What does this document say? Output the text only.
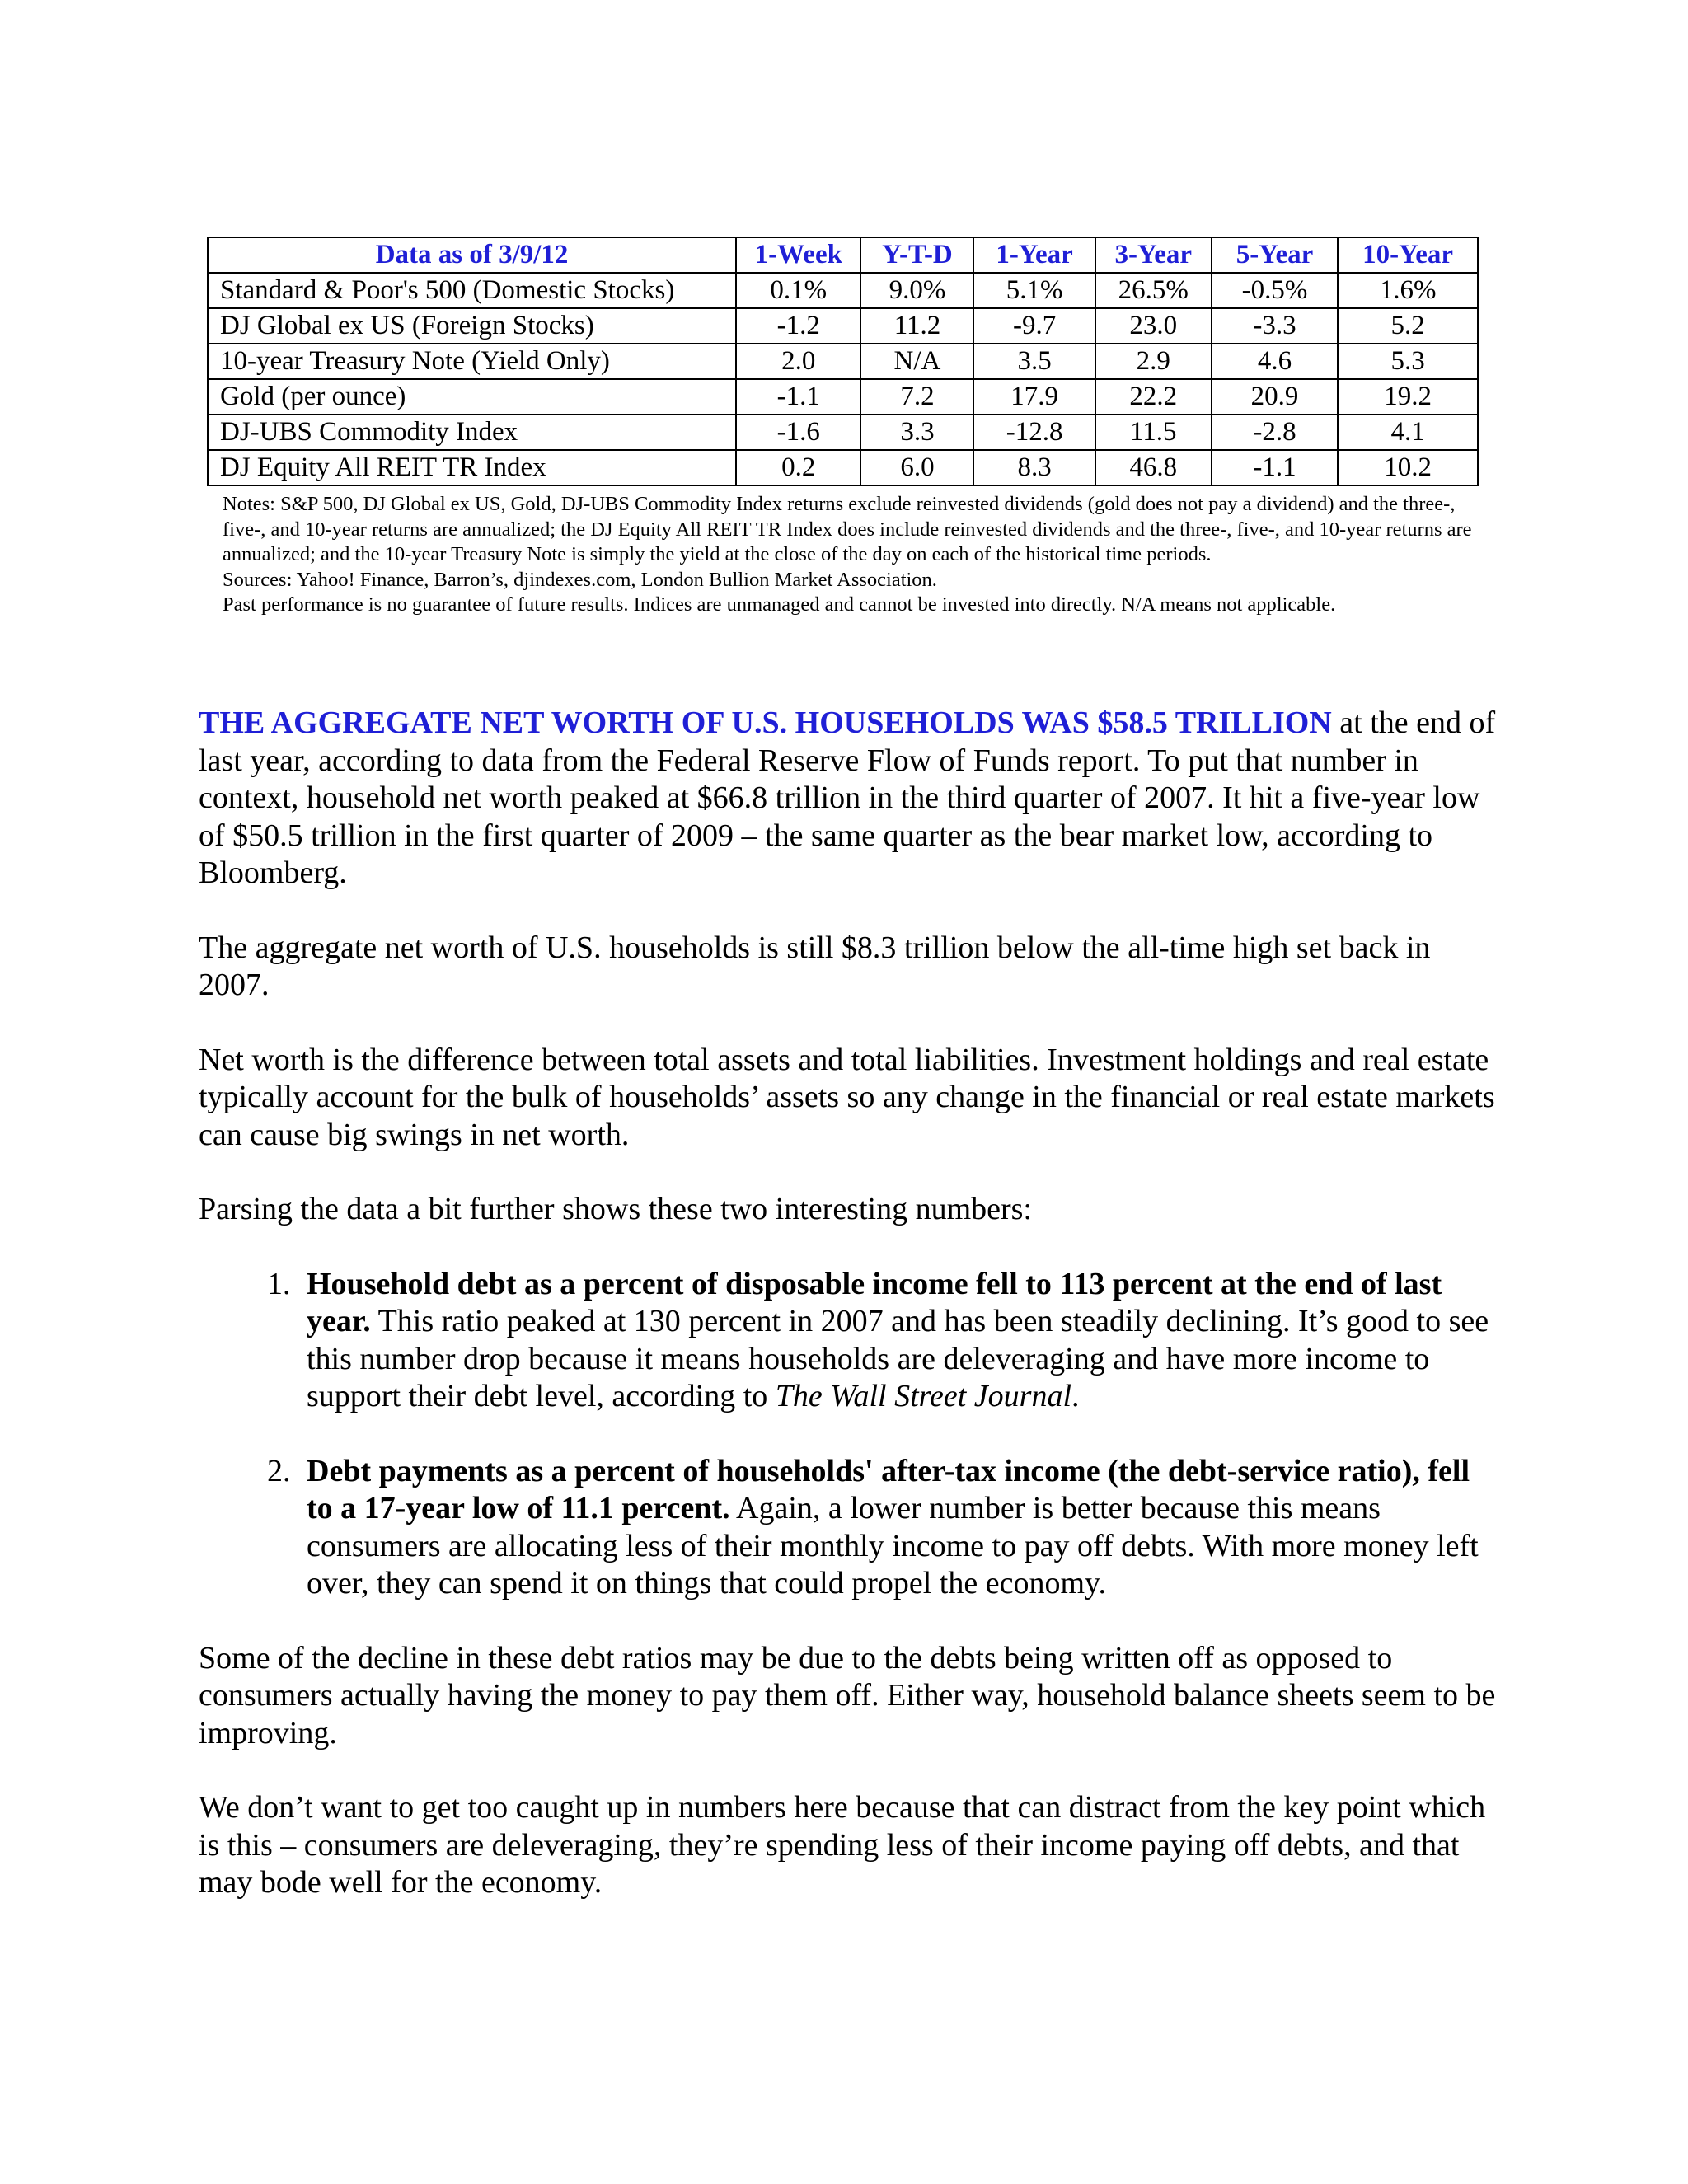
Data as of 3/9/12	1-Week	Y-T-D	1-Year	3-Year	5-Year	10-Year
Standard & Poor's 500 (Domestic Stocks)	0.1%	9.0%	5.1%	26.5%	-0.5%	1.6%
DJ Global ex US (Foreign Stocks)	-1.2	11.2	-9.7	23.0	-3.3	5.2
10-year Treasury Note (Yield Only)	2.0	N/A	3.5	2.9	4.6	5.3
Gold (per ounce)	-1.1	7.2	17.9	22.2	20.9	19.2
DJ-UBS Commodity Index	-1.6	3.3	-12.8	11.5	-2.8	4.1
DJ Equity All REIT TR Index	0.2	6.0	8.3	46.8	-1.1	10.2

Notes: S&P 500, DJ Global ex US, Gold, DJ-UBS Commodity Index returns exclude reinvested dividends (gold does not pay a dividend) and the three-, five-, and 10-year returns are annualized; the DJ Equity All REIT TR Index does include reinvested dividends and the three-, five-, and 10-year returns are annualized; and the 10-year Treasury Note is simply the yield at the close of the day on each of the historical time periods.

Sources: Yahoo! Finance, Barron’s, djindexes.com, London Bullion Market Association.

Past performance is no guarantee of future results. Indices are unmanaged and cannot be invested into directly. N/A means not applicable.

THE AGGREGATE NET WORTH OF U.S. HOUSEHOLDS WAS $58.5 TRILLION at the end of last year, according to data from the Federal Reserve Flow of Funds report. To put that number in context, household net worth peaked at $66.8 trillion in the third quarter of 2007. It hit a five-year low of $50.5 trillion in the first quarter of 2009 – the same quarter as the bear market low, according to Bloomberg.

The aggregate net worth of U.S. households is still $8.3 trillion below the all-time high set back in 2007.

Net worth is the difference between total assets and total liabilities. Investment holdings and real estate typically account for the bulk of households’ assets so any change in the financial or real estate markets can cause big swings in net worth.

Parsing the data a bit further shows these two interesting numbers:

1. Household debt as a percent of disposable income fell to 113 percent at the end of last year. This ratio peaked at 130 percent in 2007 and has been steadily declining. It’s good to see this number drop because it means households are deleveraging and have more income to support their debt level, according to The Wall Street Journal.
2. Debt payments as a percent of households' after-tax income (the debt-service ratio), fell to a 17-year low of 11.1 percent. Again, a lower number is better because this means consumers are allocating less of their monthly income to pay off debts. With more money left over, they can spend it on things that could propel the economy.

Some of the decline in these debt ratios may be due to the debts being written off as opposed to consumers actually having the money to pay them off. Either way, household balance sheets seem to be improving.

We don’t want to get too caught up in numbers here because that can distract from the key point which is this – consumers are deleveraging, they’re spending less of their income paying off debts, and that may bode well for the economy.
